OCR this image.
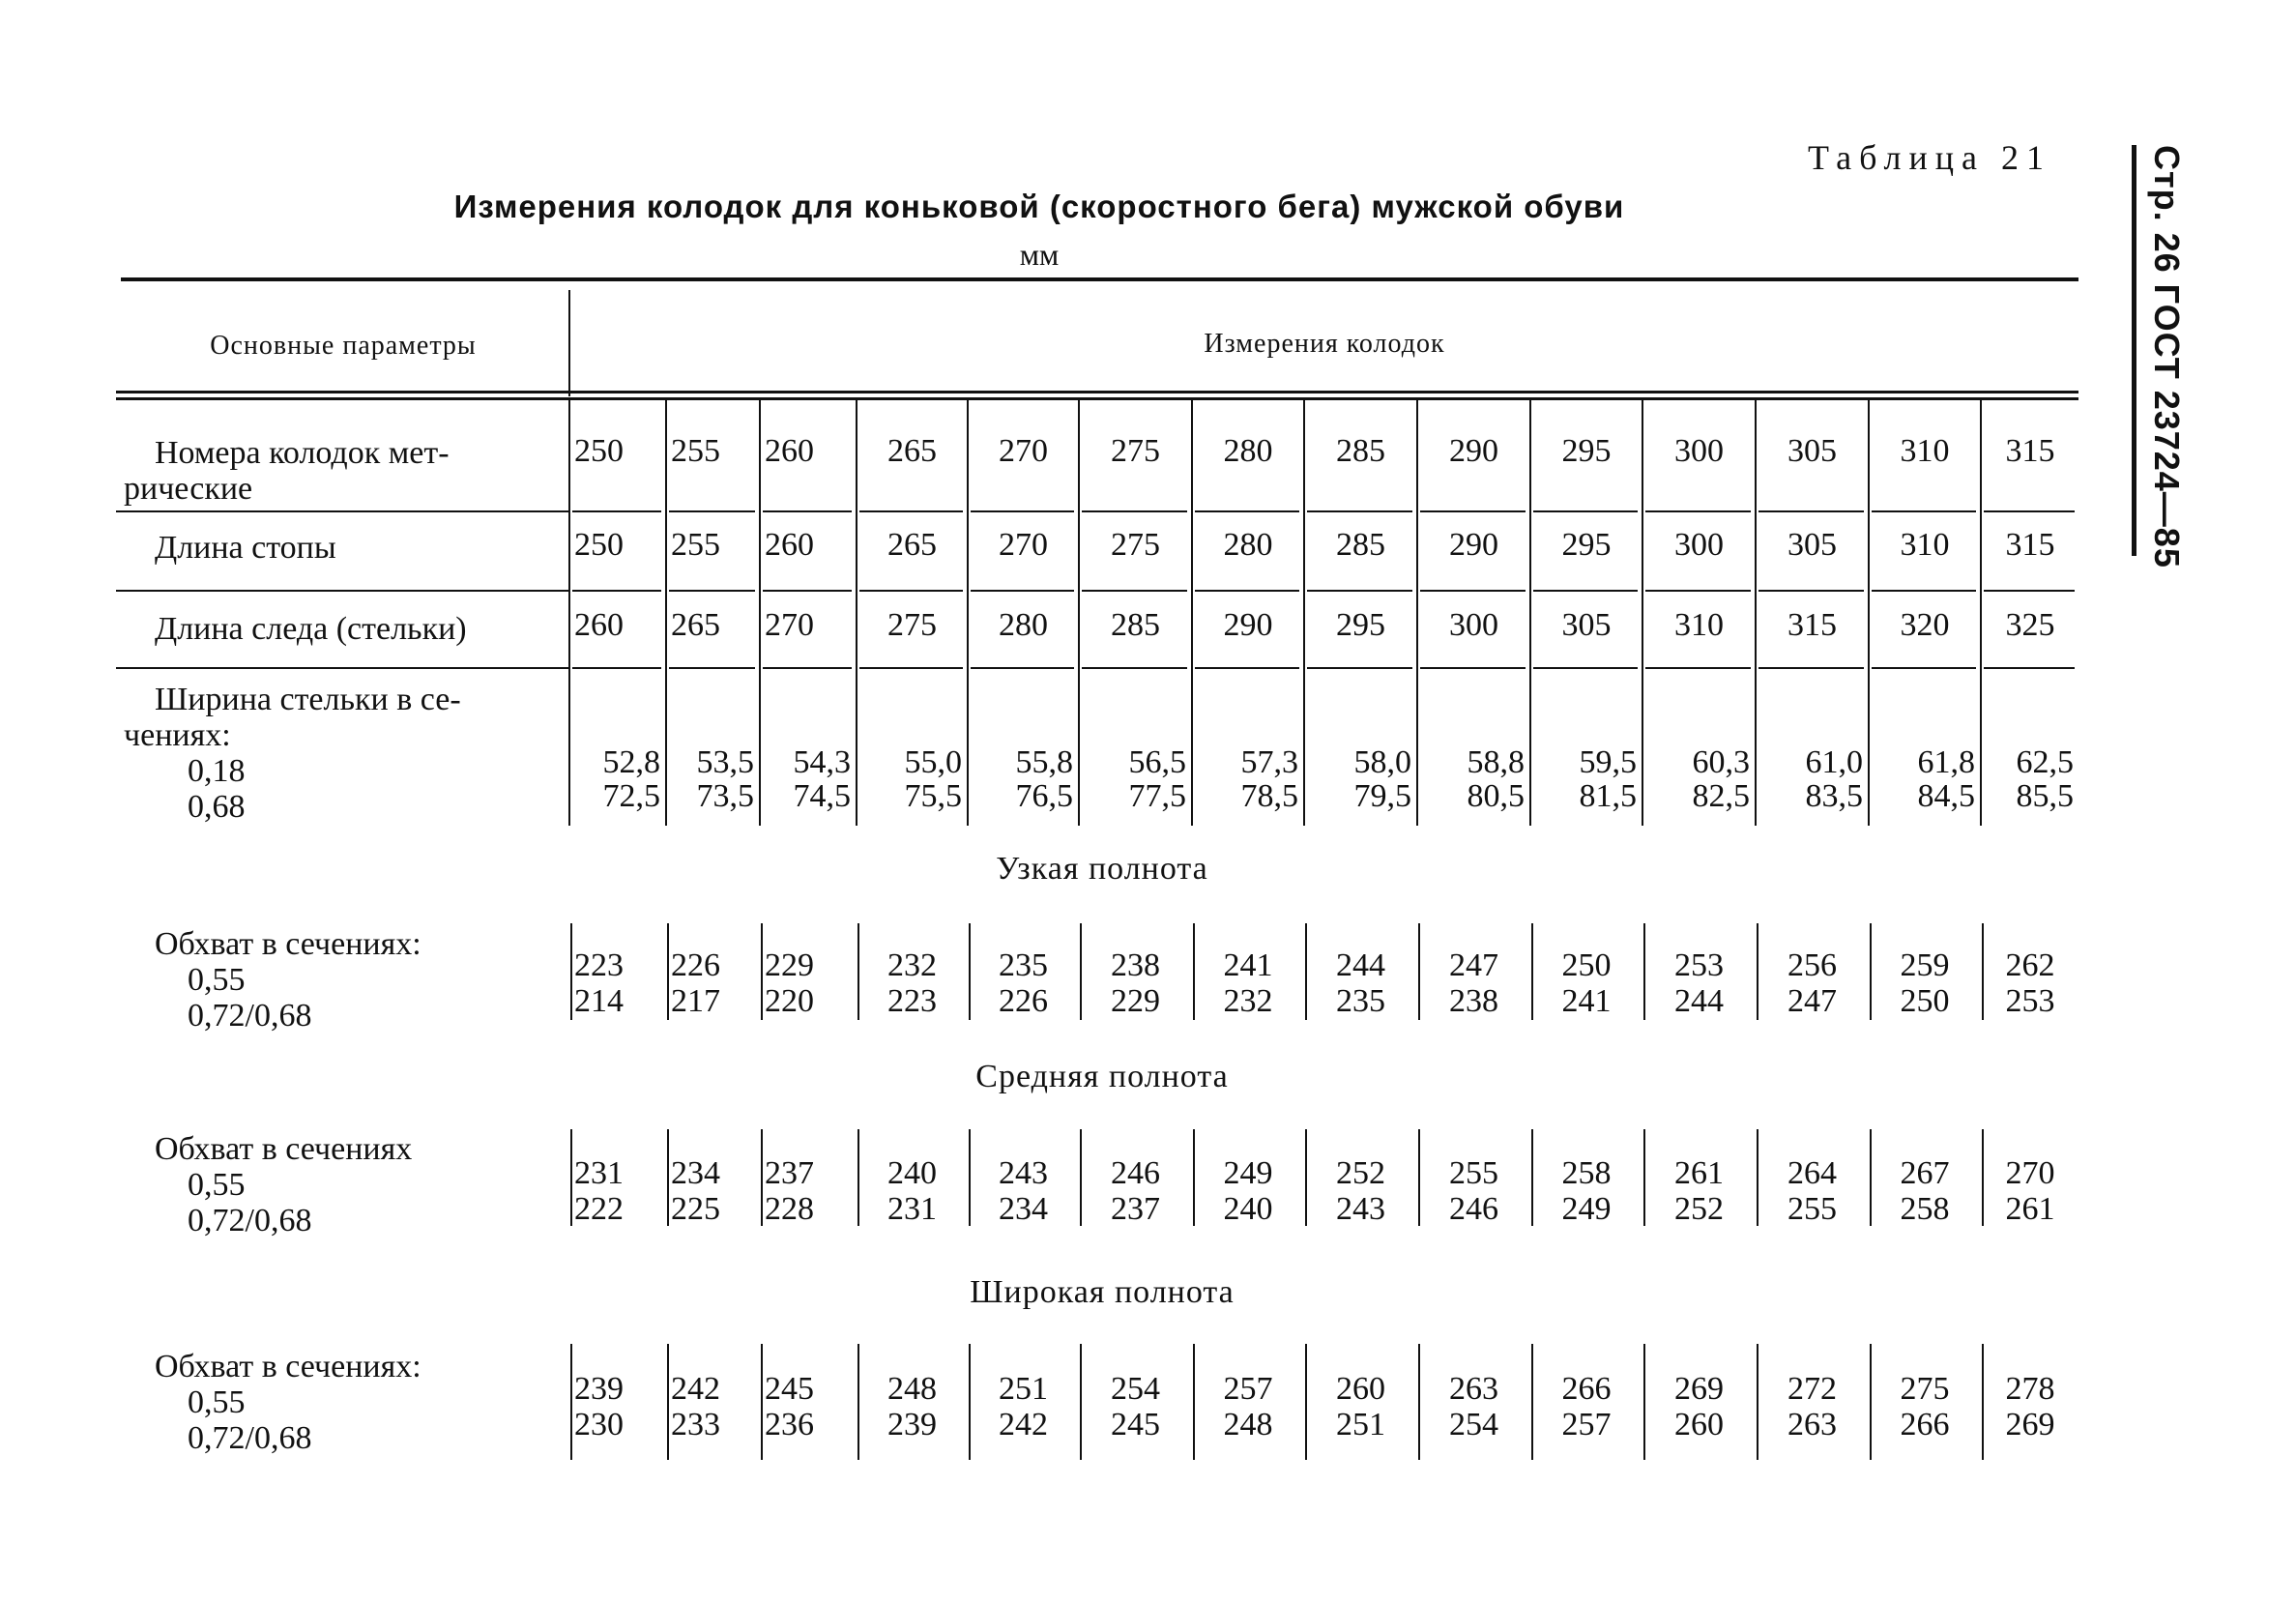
Стр. 26 ГОСТ 23724—85
Таблица 21
Измерения колодок для коньковой (скоростного бега) мужской обуви
мм
Основные параметры	Измерения колодок
Номера колодок мет-
рические
Длина стопы
Длина следа (стельки)
Ширина стельки в се-
чениях:
0,18
0,68
Узкая полнота
Средняя полнота
Широкая полнота
Обхват в сечениях:
0,55
0,72/0,68
Обхват в сечениях
0,55
0,72/0,68
Обхват в сечениях:
0,55
0,72/0,68
250
250
260
52,8
72,5
255
255
265
53,5
73,5
260
260
270
54,3
74,5
265
265
275
55,0
75,5
270
270
280
55,8
76,5
275
275
285
56,5
77,5
280
280
290
57,3
78,5
285
285
295
58,0
79,5
290
290
300
58,8
80,5
295
295
305
59,5
81,5
300
300
310
60,3
82,5
305
305
315
61,0
83,5
310
310
320
61,8
84,5
315
315
325
62,5
85,5
223
214
226
217
229
220
232
223
235
226
238
229
241
232
244
235
247
238
250
241
253
244
256
247
259
250
262
253
231
222
234
225
237
228
240
231
243
234
246
237
249
240
252
243
255
246
258
249
261
252
264
255
267
258
270
261
239
230
242
233
245
236
248
239
251
242
254
245
257
248
260
251
263
254
266
257
269
260
272
263
275
266
278
269
